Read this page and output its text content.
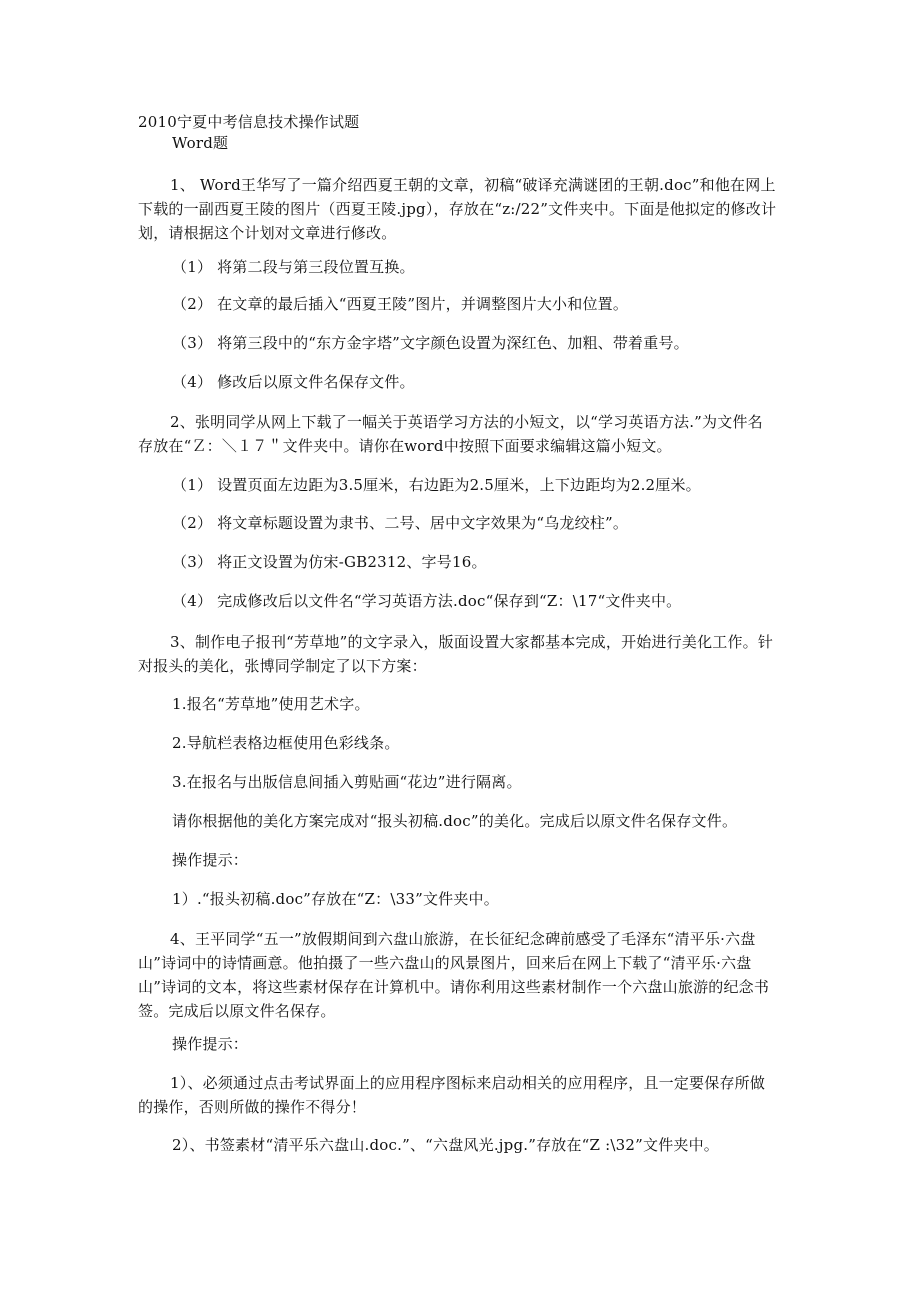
2010宁夏中考信息技术操作试题
Word题
1、 Word王华写了一篇介绍西夏王朝的文章，初稿“破译充满谜团的王朝.doc”和他在网上下载的一副西夏王陵的图片（西夏王陵.jpg），存放在“z:/22”文件夹中。下面是他拟定的修改计划，请根据这个计划对文章进行修改。
（1） 将第二段与第三段位置互换。
（2） 在文章的最后插入“西夏王陵”图片，并调整图片大小和位置。
（3） 将第三段中的“东方金字塔”文字颜色设置为深红色、加粗、带着重号。
（4） 修改后以原文件名保存文件。
2、张明同学从网上下载了一幅关于英语学习方法的小短文，以“学习英语方法.”为文件名存放在“Ｚ：＼１７＂文件夹中。请你在word中按照下面要求编辑这篇小短文。
（1） 设置页面左边距为3.5厘米，右边距为2.5厘米，上下边距均为2.2厘米。
（2） 将文章标题设置为隶书、二号、居中文字效果为“乌龙绞柱”。
（3） 将正文设置为仿宋-GB2312、字号16。
（4） 完成修改后以文件名“学习英语方法.doc“保存到“Z：\17“文件夹中。
3、制作电子报刊“芳草地”的文字录入，版面设置大家都基本完成，开始进行美化工作。针对报头的美化，张博同学制定了以下方案：
1.报名“芳草地”使用艺术字。
2.导航栏表格边框使用色彩线条。
3.在报名与出版信息间插入剪贴画“花边”进行隔离。
请你根据他的美化方案完成对“报头初稿.doc”的美化。完成后以原文件名保存文件。
操作提示：
1）.“报头初稿.doc”存放在“Z：\33”文件夹中。
4、王平同学“五一”放假期间到六盘山旅游，在长征纪念碑前感受了毛泽东“清平乐·六盘山”诗词中的诗情画意。他拍摄了一些六盘山的风景图片，回来后在网上下载了“清平乐·六盘山”诗词的文本，将这些素材保存在计算机中。请你利用这些素材制作一个六盘山旅游的纪念书签。完成后以原文件名保存。
操作提示：
1）、必须通过点击考试界面上的应用程序图标来启动相关的应用程序，且一定要保存所做的操作，否则所做的操作不得分！
2）、书签素材“清平乐六盘山.doc.”、“六盘风光.jpg.”存放在“Z :\32”文件夹中。
